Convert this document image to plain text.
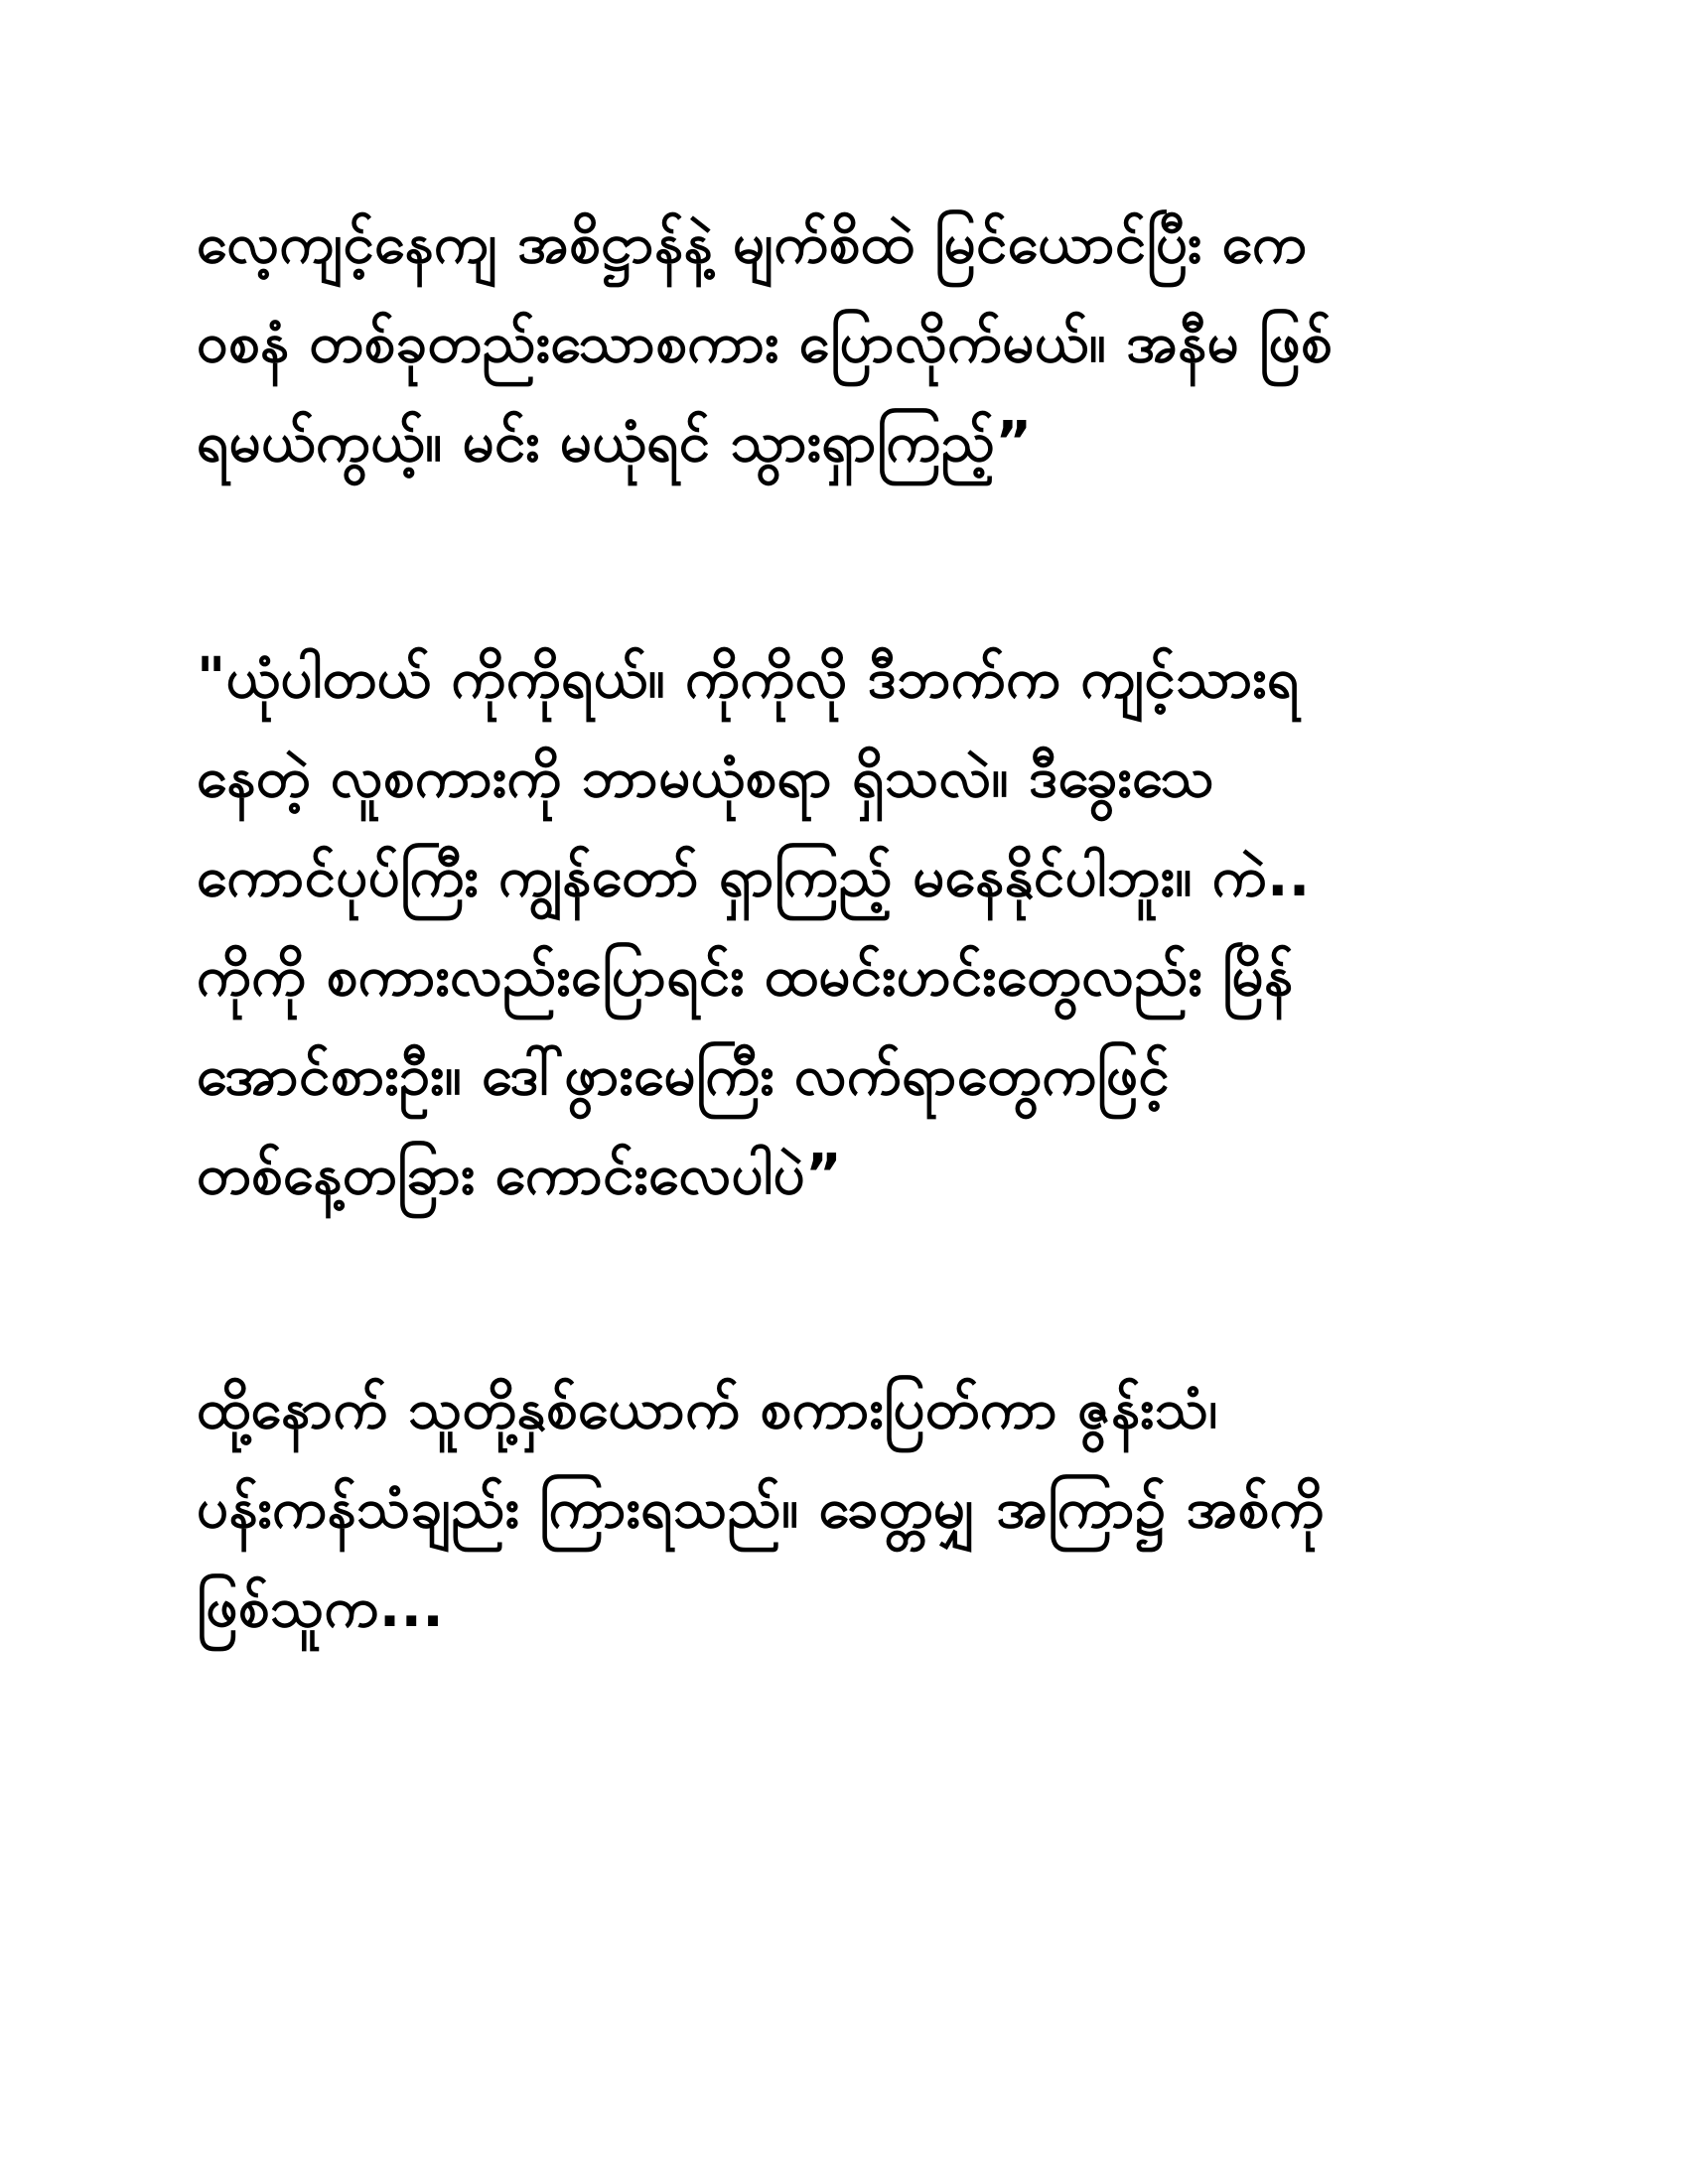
လေ့ကျင့်နေကျ အစိဋ္ဌာန်နဲ့ မျက်စိထဲ မြင်ယောင်ပြီး ကေ
ဝစနံ တစ်ခုတည်းသောစကား ပြောလိုက်မယ်။ အနီမ ဖြစ်
ရမယ်ကွယ့်။ မင်း မယုံရင် သွားရှာကြည့်”
"ယုံပါတယ် ကိုကိုရယ်။ ကိုကိုလို ဒီဘက်က ကျင့်သားရ
နေတဲ့ လူစကားကို ဘာမယုံစရာ ရှိသလဲ။ ဒီခွေးသေ
ကောင်ပုပ်ကြီး ကျွန်တော် ရှာကြည့် မနေနိုင်ပါဘူး။ ကဲ..
ကိုကို စကားလည်းပြောရင်း ထမင်းဟင်းတွေလည်း မြိန်
အောင်စားဦး။ ဒေါ်ဖွားမေကြီး လက်ရာတွေကဖြင့်
တစ်နေ့တခြား ကောင်းလေပါပဲ”
ထို့နောက် သူတို့နှစ်ယောက် စကားပြတ်ကာ ဇွန်းသံ၊
ပန်းကန်သံချည်း ကြားရသည်။ ခေတ္တမျှ အကြာ၌ အစ်ကို
ဖြစ်သူက...
